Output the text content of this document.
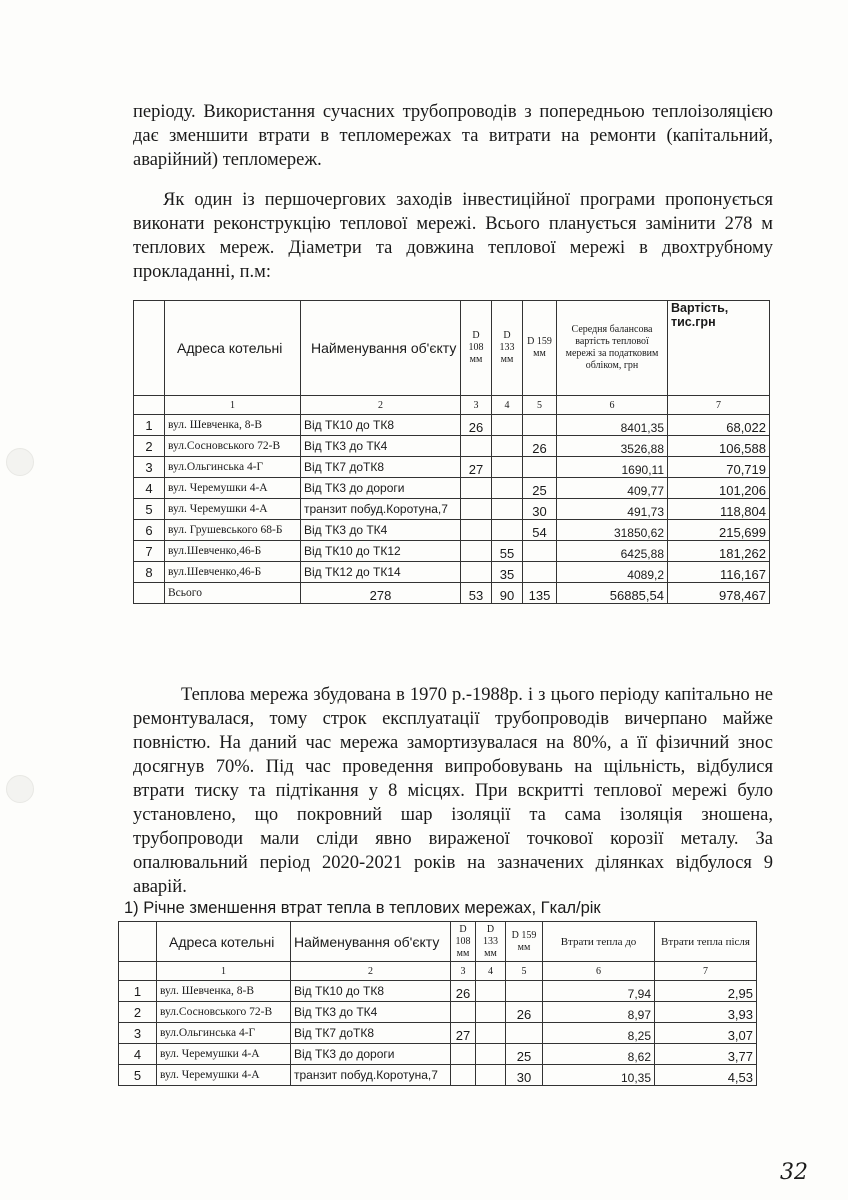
періоду. Використання сучасних трубопроводів з попередньою теплоізоляцією дає зменшити втрати в тепломережах та витрати на ремонти (капітальний, аварійний) тепломереж.

Як один із першочергових заходів інвестиційної програми пропонується виконати реконструкцію теплової мережі. Всього планується замінити 278 м теплових мереж. Діаметри та довжина теплової мережі в двохтрубному прокладанні, п.м:

	Адреса котельні	Найменування об'єкту	D 108 мм	D 133 мм	D 159 мм	Середня балансова вартість теплової мережі за податковим обліком, грн	Вартість, тис.грн
	1	2	3	4	5	6	7
1	вул. Шевченка, 8-В	Від ТК10 до ТК8	26			8401,35	68,022
2	вул.Сосновського 72-В	Від ТК3 до ТК4			26	3526,88	106,588
3	вул.Ольгинська 4-Г	Від ТК7 доТК8	27			1690,11	70,719
4	вул. Черемушки 4-А	Від ТК3 до дороги			25	409,77	101,206
5	вул. Черемушки 4-А	транзит побуд.Коротуна,7			30	491,73	118,804
6	вул. Грушевського 68-Б	Від ТК3 до ТК4			54	31850,62	215,699
7	вул.Шевченко,46-Б	Від ТК10 до ТК12		55		6425,88	181,262
8	вул.Шевченко,46-Б	Від ТК12 до ТК14		35		4089,2	116,167
	Всього	278	53	90	135	56885,54	978,467

Теплова мережа збудована в 1970 р.-1988р. і з цього періоду капітально не ремонтувалася, тому строк експлуатації трубопроводів вичерпано майже повністю. На даний час мережа замортизувалася на 80%, а її фізичний знос досягнув 70%. Під час проведення випробовувань на щільність, відбулися втрати тиску та підтікання у 8 місцях. При вскритті теплової мережі було установлено, що покровний шар ізоляції та сама ізоляція зношена, трубопроводи мали сліди явно вираженої точкової корозії металу. За опалювальний період 2020-2021 років на зазначених ділянках відбулося 9 аварій.

1) Річне зменшення втрат тепла в теплових мережах, Гкал/рік
	Адреса котельні	Найменування об'єкту	D 108 мм	D 133 мм	D 159 мм	Втрати тепла до	Втрати тепла після
	1	2	3	4	5	6	7
1	вул. Шевченка, 8-В	Від ТК10 до ТК8	26			7,94	2,95
2	вул.Сосновського 72-В	Від ТК3 до ТК4			26	8,97	3,93
3	вул.Ольгинська 4-Г	Від ТК7 доТК8	27			8,25	3,07
4	вул. Черемушки 4-А	Від ТК3 до дороги			25	8,62	3,77
5	вул. Черемушки 4-А	транзит побуд.Коротуна,7			30	10,35	4,53
32
